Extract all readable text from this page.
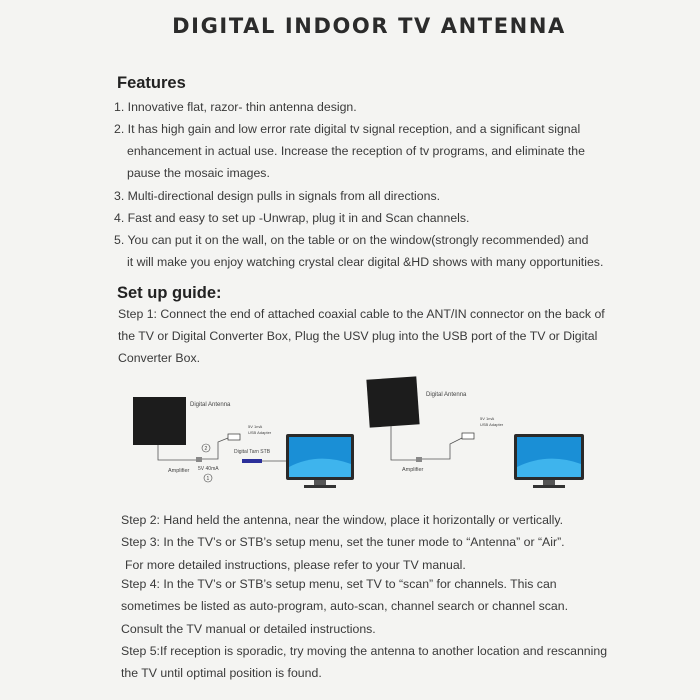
DIGITAL INDOOR TV ANTENNA
Features
1. Innovative flat, razor- thin antenna design.
2. It has high gain and low error rate digital tv signal reception, and a significant signal
enhancement in actual use. Increase the reception of tv programs, and eliminate the
pause the mosaic images.
3. Multi-directional design pulls in signals from all directions.
4. Fast and easy to set up -Unwrap, plug it in and Scan channels.
5. You can put it on the wall, on the table or on the window(strongly recommended) and
it will make you enjoy watching crystal clear digital &HD shows with many opportunities.
Set up guide:
Step 1: Connect the end of attached coaxial cable to the ANT/IN connector on the back of
the TV or Digital Converter Box, Plug the USV plug into the USB port of the TV or Digital
Converter Box.
Digital Antenna
Amplifier
5V 1mA
USB Adapter
2
5V 40mA
1
Digital Tarn STB
Digital Antenna
Amplifier
5V 1mA
USB Adapter
Step 2: Hand held the antenna, near the window, place it horizontally or vertically.
Step 3: In the TV’s or STB’s setup menu, set the tuner mode to “Antenna” or “Air”.
For more detailed instructions, please refer to your TV manual.
Step 4: In the TV’s or STB’s setup menu, set TV to “scan” for channels. This can
sometimes be listed as auto-program, auto-scan, channel search or channel scan.
Consult the TV manual or detailed instructions.
Step 5:If reception is sporadic, try moving the antenna to another location and rescanning
the TV until optimal position is found.
